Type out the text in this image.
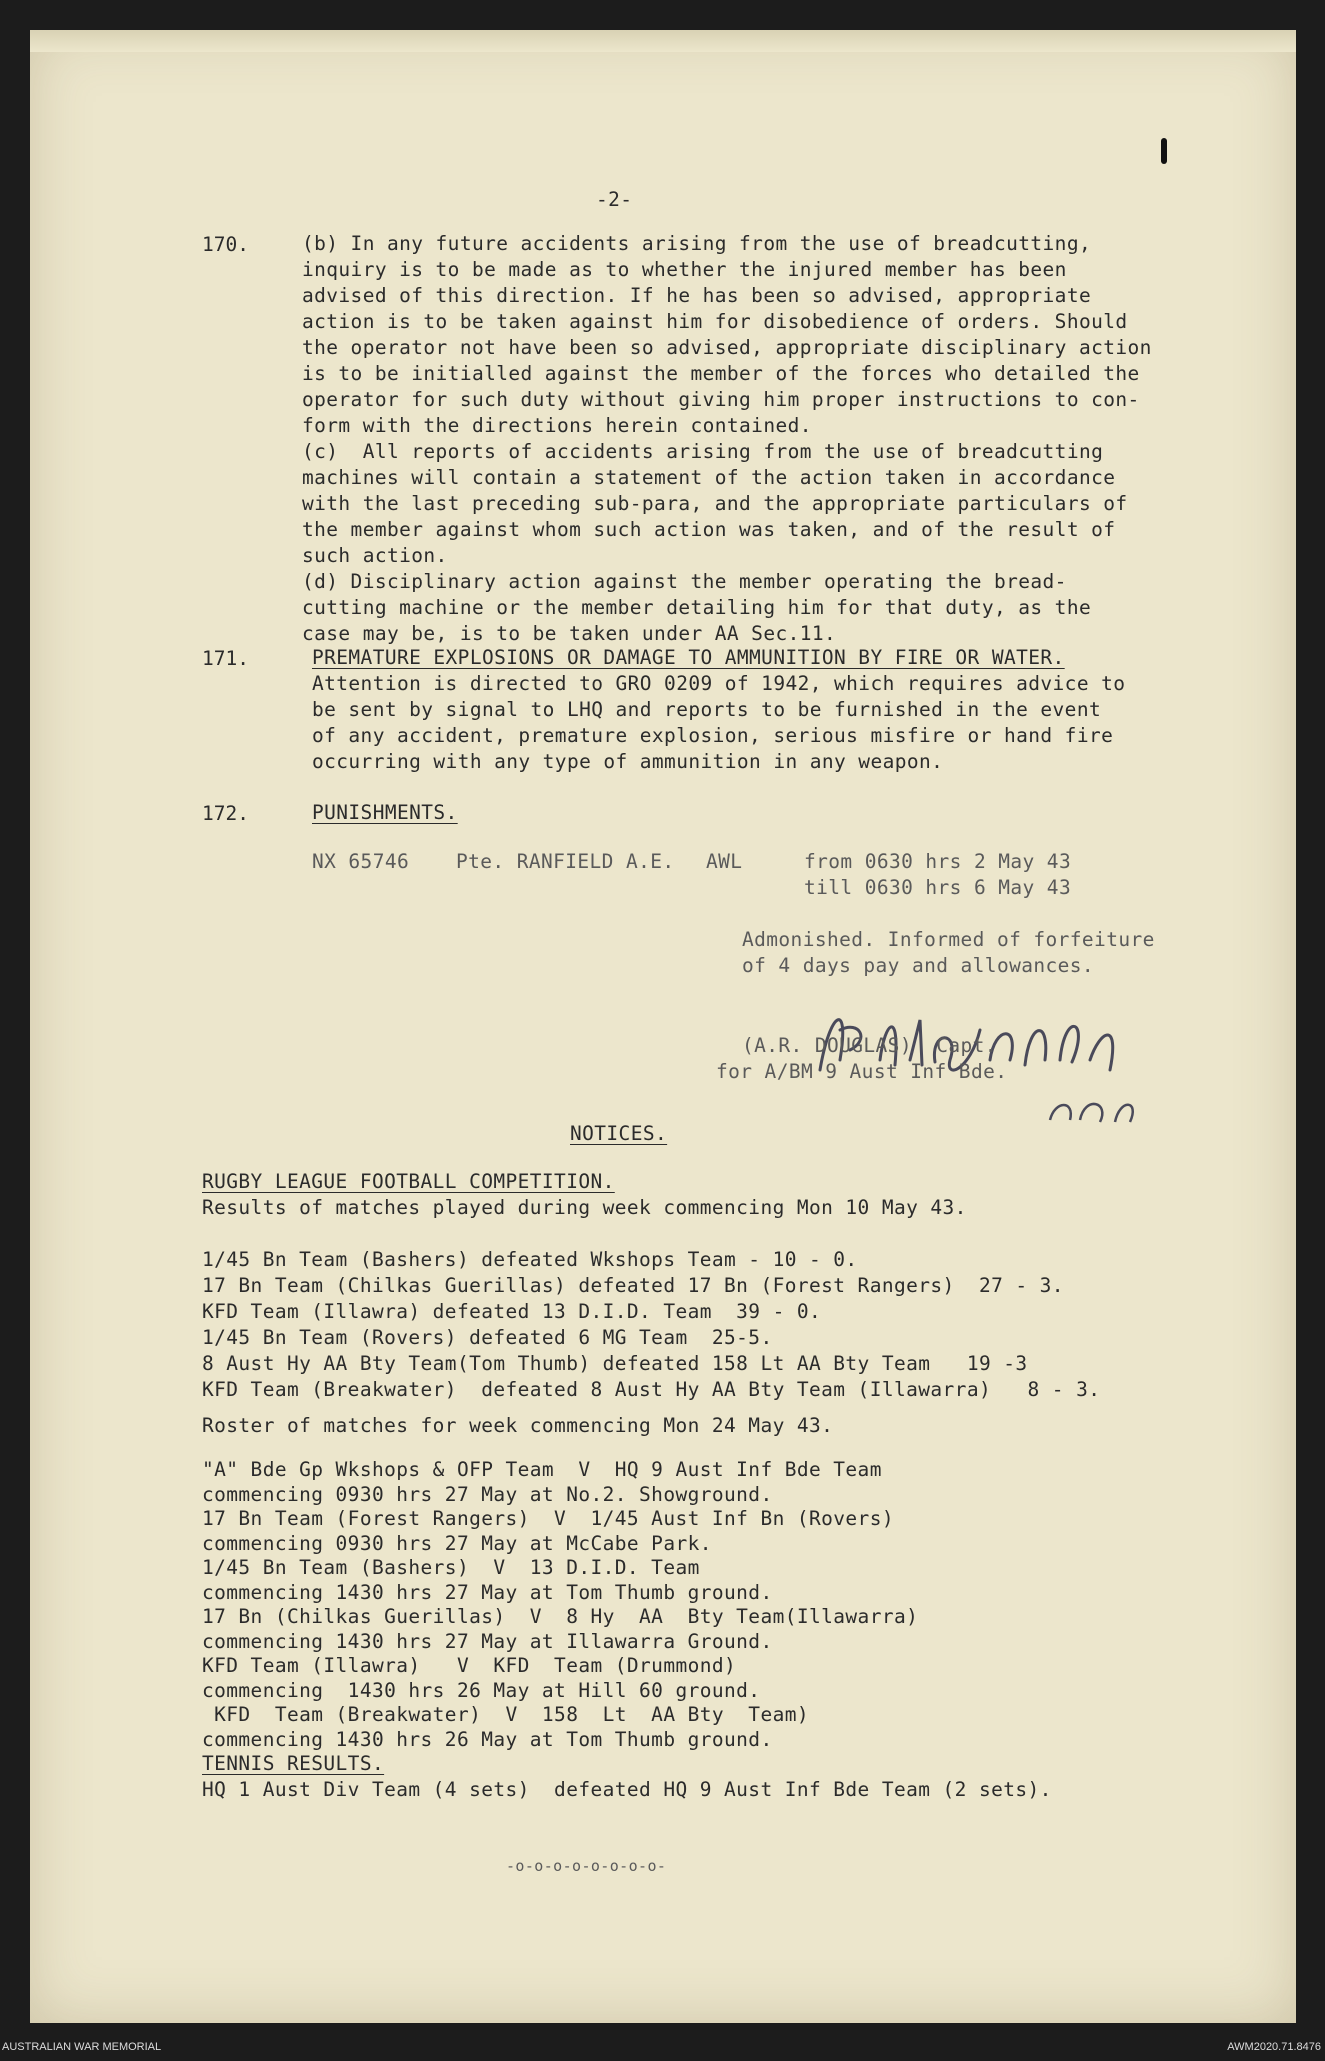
-2-
170.	(b) In any future accidents arising from the use of breadcutting,
inquiry is to be made as to whether the injured member has been
advised of this direction. If he has been so advised, appropriate
action is to be taken against him for disobedience of orders. Should
the operator not have been so advised, appropriate disciplinary action
is to be initialled against the member of the forces who detailed the
operator for such duty without giving him proper instructions to con-
form with the directions herein contained.
(c)  All reports of accidents arising from the use of breadcutting
machines will contain a statement of the action taken in accordance
with the last preceding sub-para, and the appropriate particulars of
the member against whom such action was taken, and of the result of
such action.
(d) Disciplinary action against the member operating the bread-
cutting machine or the member detailing him for that duty, as the
case may be, is to be taken under AA Sec.11.
171.	PREMATURE EXPLOSIONS OR DAMAGE TO AMMUNITION BY FIRE OR WATER.
Attention is directed to GRO 0209 of 1942, which requires advice to
be sent by signal to LHQ and reports to be furnished in the event
of any accident, premature explosion, serious misfire or hand fire
occurring with any type of ammunition in any weapon.
172.	PUNISHMENTS.
NX 65746 Pte. RANFIELD A.E. AWL	from 0630 hrs 2 May 43
till 0630 hrs 6 May 43
Admonished. Informed of forfeiture
of 4 days pay and allowances.
(A.R. DOUGLAS)  Capt.
for A/BM 9 Aust Inf Bde.
NOTICES.
RUGBY LEAGUE FOOTBALL COMPETITION.
Results of matches played during week commencing Mon 10 May 43.
1/45 Bn Team (Bashers) defeated Wkshops Team - 10 - 0.
17 Bn Team (Chilkas Guerillas) defeated 17 Bn (Forest Rangers)  27 - 3.
KFD Team (Illawra) defeated 13 D.I.D. Team  39 - 0.
1/45 Bn Team (Rovers) defeated 6 MG Team  25-5.
8 Aust Hy AA Bty Team(Tom Thumb) defeated 158 Lt AA Bty Team   19 -3
KFD Team (Breakwater)  defeated 8 Aust Hy AA Bty Team (Illawarra)   8 - 3.
Roster of matches for week commencing Mon 24 May 43.
"A" Bde Gp Wkshops & OFP Team  V  HQ 9 Aust Inf Bde Team
commencing 0930 hrs 27 May at No.2. Showground.
17 Bn Team (Forest Rangers)  V  1/45 Aust Inf Bn (Rovers)
commencing 0930 hrs 27 May at McCabe Park.
1/45 Bn Team (Bashers)  V  13 D.I.D. Team
commencing 1430 hrs 27 May at Tom Thumb ground.
17 Bn (Chilkas Guerillas)  V  8 Hy  AA  Bty Team(Illawarra)
commencing 1430 hrs 27 May at Illawarra Ground.
KFD Team (Illawra)   V  KFD  Team (Drummond)
commencing  1430 hrs 26 May at Hill 60 ground.
KFD  Team (Breakwater)  V  158  Lt  AA Bty  Team)
commencing 1430 hrs 26 May at Tom Thumb ground.
TENNIS RESULTS.
HQ 1 Aust Div Team (4 sets)  defeated HQ 9 Aust Inf Bde Team (2 sets).
-o-o-o-o-o-o-o-o-
AUSTRALIAN WAR MEMORIAL	AWM2020.71.8476
